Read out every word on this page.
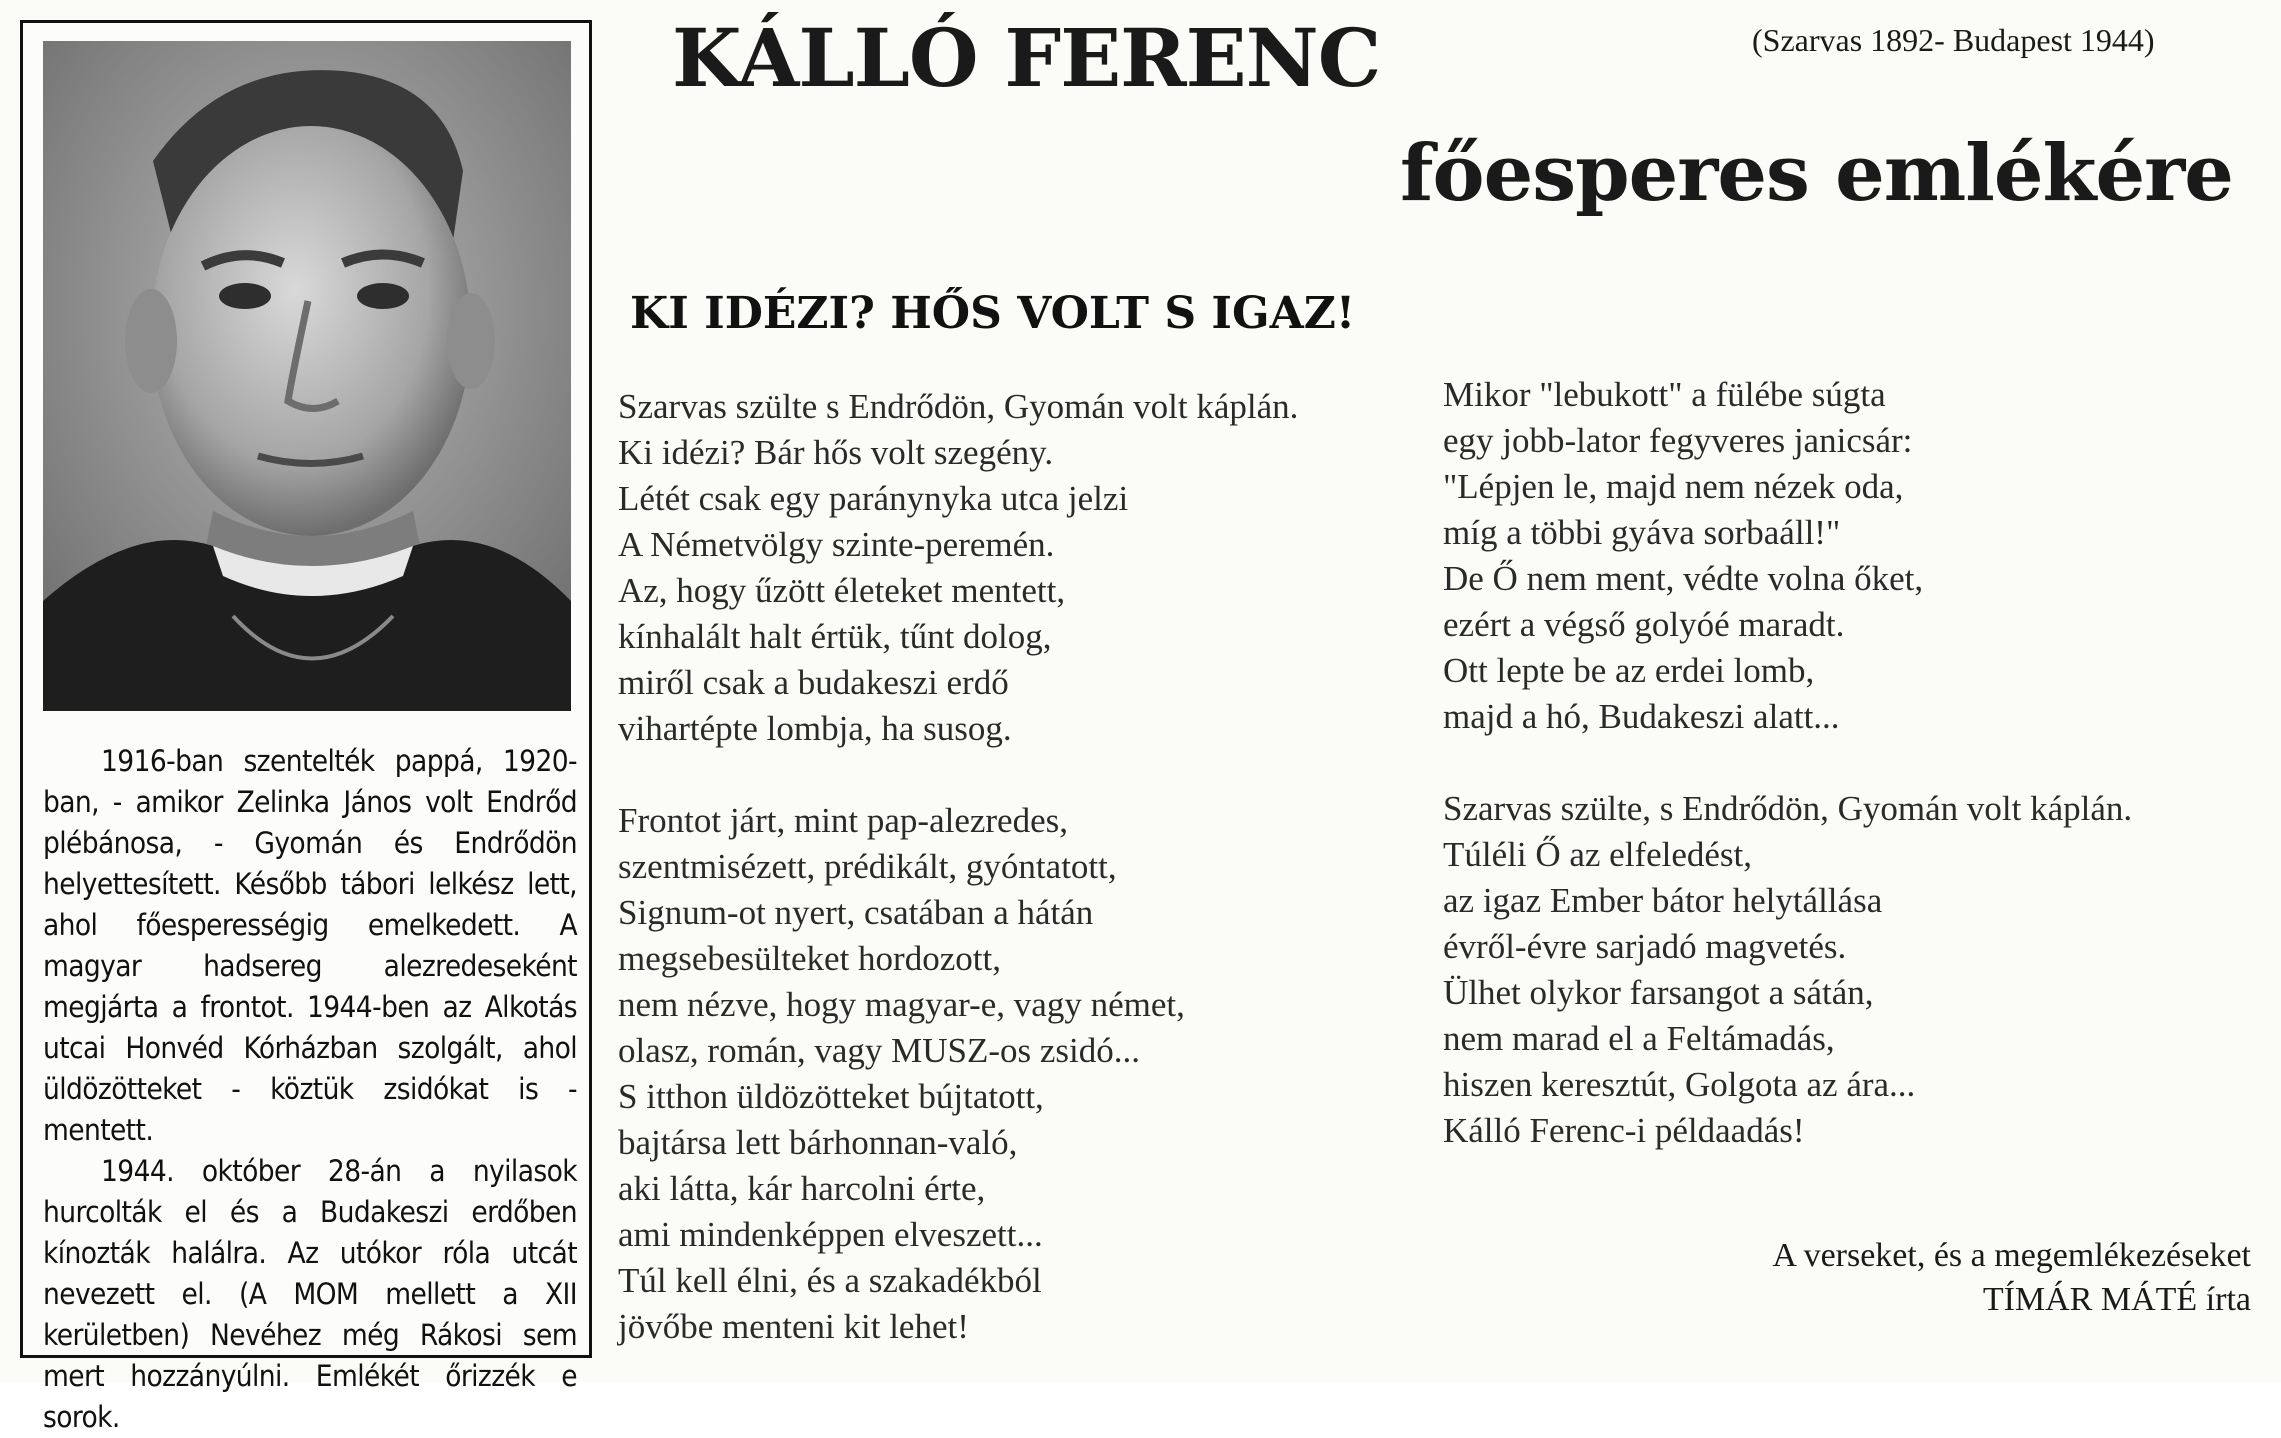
1916-ban szentelték pappá, 1920-ban, - amikor Zelinka János volt Endrőd plébánosa, - Gyomán és Endrődön helyettesített. Később tábori lelkész lett, ahol főesperességig emelkedett. A magyar hadsereg alezredeseként megjárta a frontot. 1944-ben az Alkotás utcai Honvéd Kórházban szolgált, ahol üldözötteket - köztük zsidókat is - mentett.

1944. október 28-án a nyilasok hurcolták el és a Budakeszi erdőben kínozták halálra. Az utókor róla utcát nevezett el. (A MOM mellett a XII kerületben) Nevéhez még Rákosi sem mert hozzányúlni. Emlékét őrizzék e sorok.

KÁLLÓ FERENC	(Szarvas 1892- Budapest 1944)
főesperes emlékére
KI IDÉZI? HŐS VOLT S IGAZ!
Szarvas szülte s Endrődön, Gyomán volt káplán.
Ki idézi? Bár hős volt szegény.
Létét csak egy paránynyka utca jelzi
A Németvölgy szinte-peremén.
Az, hogy űzött életeket mentett,
kínhalált halt értük, tűnt dolog,
miről csak a budakeszi erdő
vihartépte lombja, ha susog.
Frontot járt, mint pap-alezredes,
szentmisézett, prédikált, gyóntatott,
Signum-ot nyert, csatában a hátán
megsebesülteket hordozott,
nem nézve, hogy magyar-e, vagy német,
olasz, román, vagy MUSZ-os zsidó...
S itthon üldözötteket bújtatott,
bajtársa lett bárhonnan-való,
aki látta, kár harcolni érte,
ami mindenképpen elveszett...
Túl kell élni, és a szakadékból
jövőbe menteni kit lehet!
Mikor "lebukott" a fülébe súgta
egy jobb-lator fegyveres janicsár:
"Lépjen le, majd nem nézek oda,
míg a többi gyáva sorbaáll!"
De Ő nem ment, védte volna őket,
ezért a végső golyóé maradt.
Ott lepte be az erdei lomb,
majd a hó, Budakeszi alatt...
Szarvas szülte, s Endrődön, Gyomán volt káplán.
Túléli Ő az elfeledést,
az igaz Ember bátor helytállása
évről-évre sarjadó magvetés.
Ülhet olykor farsangot a sátán,
nem marad el a Feltámadás,
hiszen keresztút, Golgota az ára...
Kálló Ferenc-i példaadás!
A verseket, és a megemlékezéseket
TÍMÁR MÁTÉ írta
